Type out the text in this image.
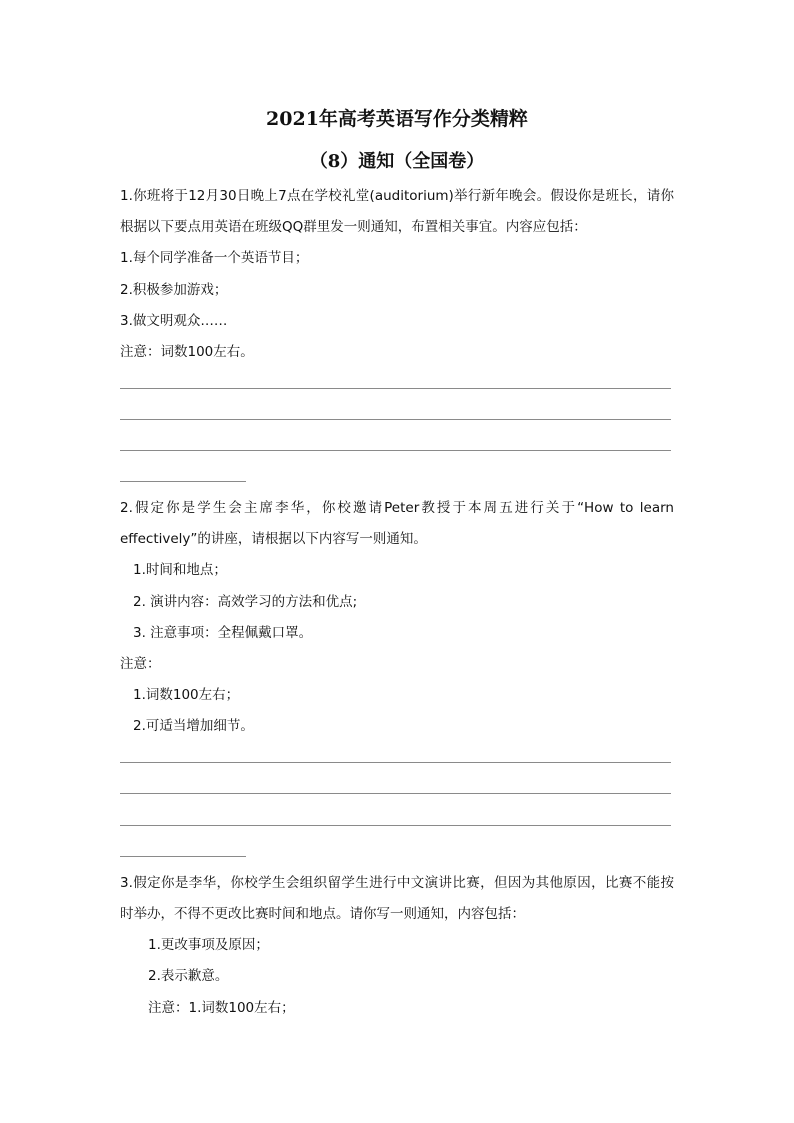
2021年高考英语写作分类精粹
（8）通知（全国卷）
1.你班将于12月30日晚上7点在学校礼堂(auditorium)举行新年晚会。假设你是班长，请你
根据以下要点用英语在班级QQ群里发一则通知，布置相关事宜。内容应包括：
1.每个同学准备一个英语节目；
2.积极参加游戏；
3.做文明观众……
注意：词数100左右。
2.假定你是学生会主席李华，你校邀请Peter教授于本周五进行关于“How to learn
effectively”的讲座，请根据以下内容写一则通知。
1.时间和地点；
2. 演讲内容：高效学习的方法和优点;
3. 注意事项：全程佩戴口罩。
注意：
1.词数100左右；
2.可适当增加细节。
3.假定你是李华，你校学生会组织留学生进行中文演讲比赛，但因为其他原因，比赛不能按
时举办，不得不更改比赛时间和地点。请你写一则通知，内容包括：
1.更改事项及原因；
2.表示歉意。
注意：1.词数100左右；
